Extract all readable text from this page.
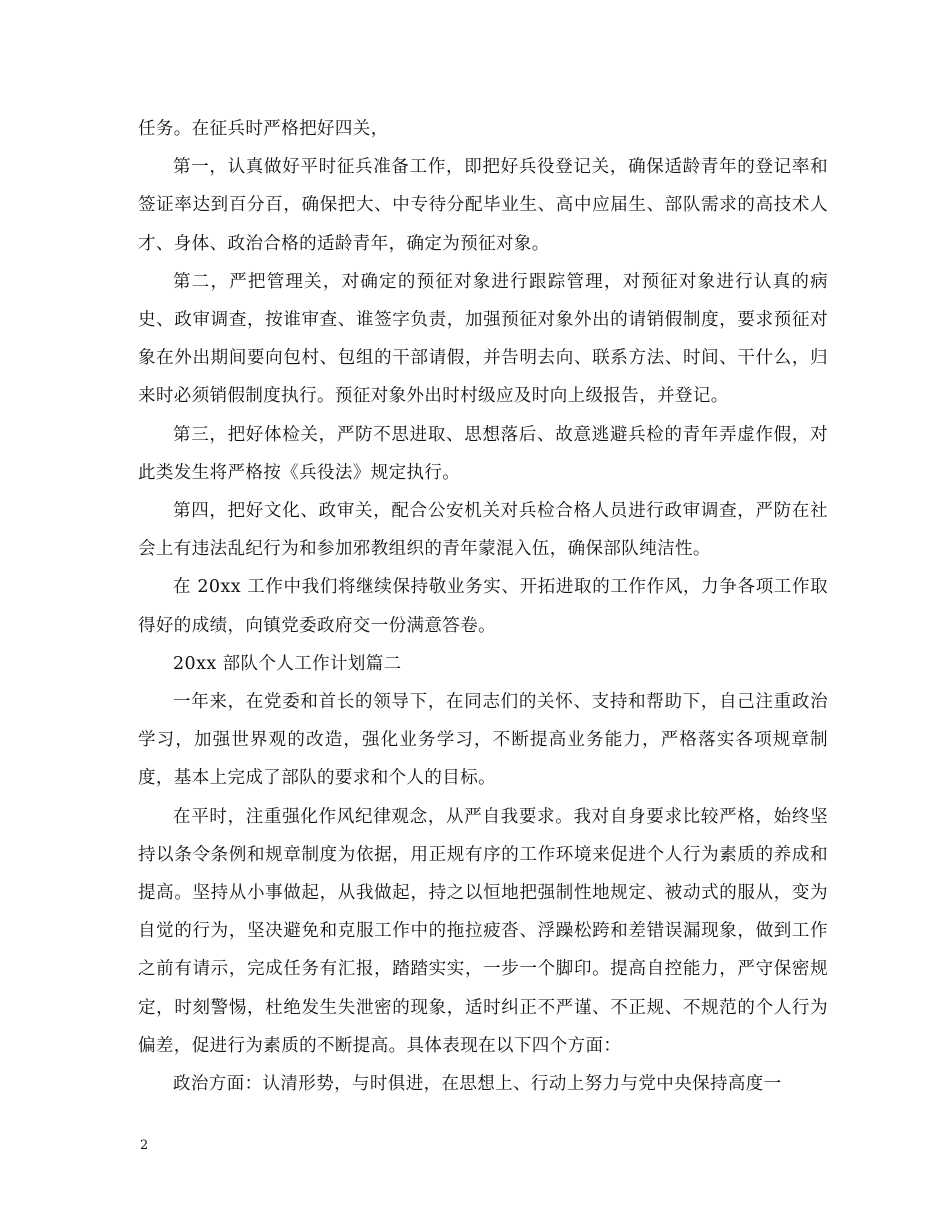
任务。在征兵时严格把好四关，

第一，认真做好平时征兵准备工作，即把好兵役登记关，确保适龄青年的登记率和签证率达到百分百，确保把大、中专待分配毕业生、高中应届生、部队需求的高技术人才、身体、政治合格的适龄青年，确定为预征对象。

第二，严把管理关，对确定的预征对象进行跟踪管理，对预征对象进行认真的病史、政审调查，按谁审查、谁签字负责，加强预征对象外出的请销假制度，要求预征对象在外出期间要向包村、包组的干部请假，并告明去向、联系方法、时间、干什么，归来时必须销假制度执行。预征对象外出时村级应及时向上级报告，并登记。

第三，把好体检关，严防不思进取、思想落后、故意逃避兵检的青年弄虚作假，对此类发生将严格按《兵役法》规定执行。

第四，把好文化、政审关，配合公安机关对兵检合格人员进行政审调查，严防在社会上有违法乱纪行为和参加邪教组织的青年蒙混入伍，确保部队纯洁性。

在 20xx 工作中我们将继续保持敬业务实、开拓进取的工作作风，力争各项工作取得好的成绩，向镇党委政府交一份满意答卷。

20xx 部队个人工作计划篇二

一年来，在党委和首长的领导下，在同志们的关怀、支持和帮助下，自己注重政治学习，加强世界观的改造，强化业务学习，不断提高业务能力，严格落实各项规章制度，基本上完成了部队的要求和个人的目标。

在平时，注重强化作风纪律观念，从严自我要求。我对自身要求比较严格，始终坚持以条令条例和规章制度为依据，用正规有序的工作环境来促进个人行为素质的养成和提高。坚持从小事做起，从我做起，持之以恒地把强制性地规定、被动式的服从，变为自觉的行为，坚决避免和克服工作中的拖拉疲沓、浮躁松跨和差错误漏现象，做到工作之前有请示，完成任务有汇报，踏踏实实，一步一个脚印。提高自控能力，严守保密规定，时刻警惕，杜绝发生失泄密的现象，适时纠正不严谨、不正规、不规范的个人行为偏差，促进行为素质的不断提高。具体表现在以下四个方面：

政治方面：认清形势，与时俱进，在思想上、行动上努力与党中央保持高度一

2
